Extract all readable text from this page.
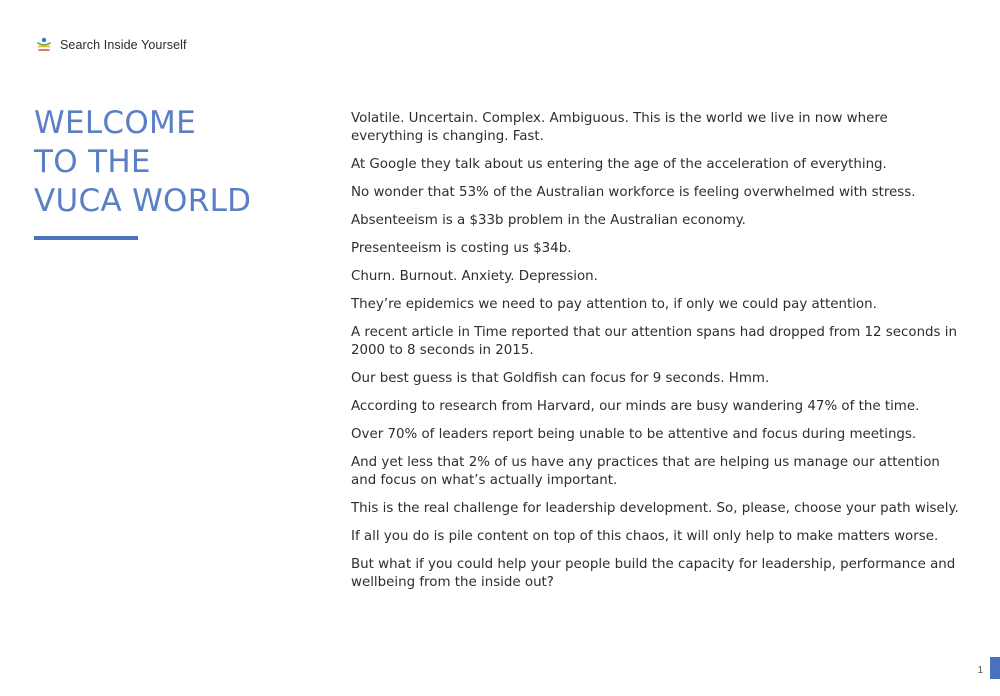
Search Inside Yourself
WELCOME
TO THE
VUCA WORLD

Volatile. Uncertain. Complex. Ambiguous. This is the world we live in now where everything is changing. Fast.

At Google they talk about us entering the age of the acceleration of everything.

No wonder that 53% of the Australian workforce is feeling overwhelmed with stress.

Absenteeism is a $33b problem in the Australian economy.

Presenteeism is costing us $34b.

Churn. Burnout. Anxiety. Depression.

They’re epidemics we need to pay attention to, if only we could pay attention.

A recent article in Time reported that our attention spans had dropped from 12 seconds in 2000 to 8 seconds in 2015.

Our best guess is that Goldfish can focus for 9 seconds. Hmm.

According to research from Harvard, our minds are busy wandering 47% of the time.

Over 70% of leaders report being unable to be attentive and focus during meetings.

And yet less that 2% of us have any practices that are helping us manage our attention and focus on what’s actually important.

This is the real challenge for leadership development. So, please, choose your path wisely.

If all you do is pile content on top of this chaos, it will only help to make matters worse.

But what if you could help your people build the capacity for leadership, performance and wellbeing from the inside out?

1
